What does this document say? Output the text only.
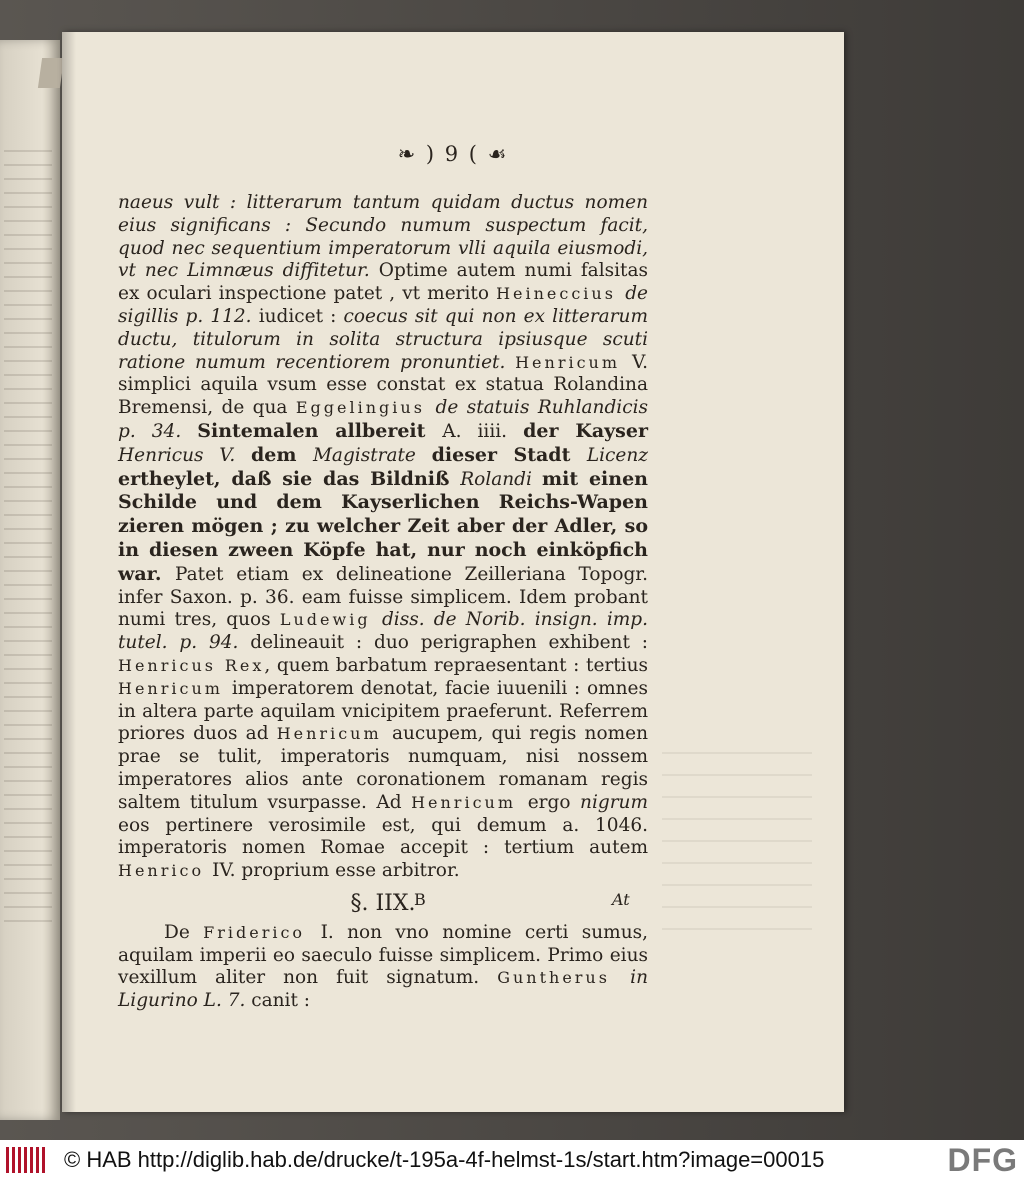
❧ ) 9 ( ☙

naeus vult : litterarum tantum quidam ductus nomen eius significans : Secundo numum suspectum facit, quod nec sequentium imperatorum vlli aquila eiusmodi, vt nec Limnæus diffitetur. Optime autem numi falsitas ex oculari inspectione patet , vt merito Heineccius de sigillis p. 112. iudicet : coecus sit qui non ex litterarum ductu, titulorum in solita structura ipsiusque scuti ratione numum recentiorem pronuntiet. Henricum V. simplici aquila vsum esse constat ex statua Rolandina Bremensi, de qua Eggelingius de statuis Ruhlandicis p. 34. Sintemalen allbereit A. iiii. der Kayser Henricus V. dem Magistrate dieser Stadt Licenz ertheylet, daß sie das Bildniß Rolandi mit einen Schilde und dem Kayserlichen Reichs-Wapen zieren mögen ; zu welcher Zeit aber der Adler, so in diesen zween Köpfe hat, nur noch einköpfich war. Patet etiam ex delineatione Zeilleriana Topogr. infer Saxon. p. 36. eam fuisse simplicem. Idem probant numi tres, quos Ludewig diss. de Norib. insign. imp. tutel. p. 94. delineauit : duo perigraphen exhibent : Henricus Rex, quem barbatum repraesentant : tertius Henricum imperatorem denotat, facie iuuenili : omnes in altera parte aquilam vnicipitem praeferunt. Referrem priores duos ad Henricum aucupem, qui regis nomen prae se tulit, imperatoris numquam, nisi nossem imperatores alios ante coronationem romanam regis saltem titulum vsurpasse. Ad Henricum ergo nigrum eos pertinere verosimile est, qui demum a. 1046. imperatoris nomen Romae accepit : tertium autem Henrico IV. proprium esse arbitror.

§. IIX.

De Friderico I. non vno nomine certi sumus, aquilam imperii eo saeculo fuisse simplicem. Primo eius vexillum aliter non fuit signatum. Guntherus in Ligurino L. 7. canit :

B	At
© HAB http://diglib.hab.de/drucke/t-195a-4f-helmst-1s/start.htm?image=00015	DFG
